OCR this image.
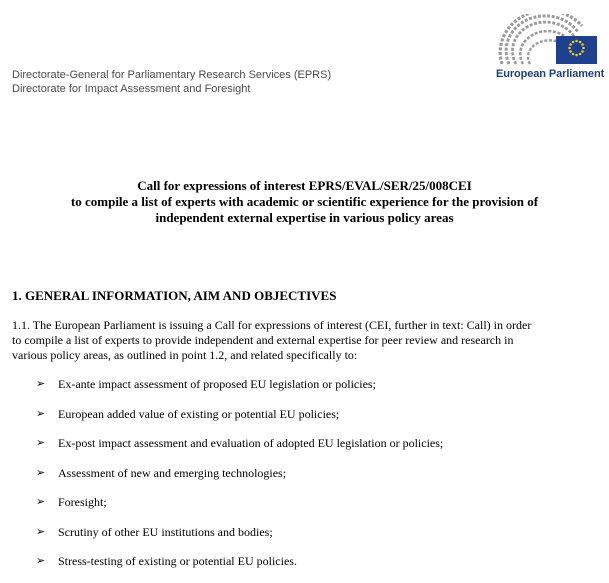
Directorate-General for Parliamentary Research Services (EPRS)
Directorate for Impact Assessment and Foresight
European Parliament
Call for expressions of interest EPRS/EVAL/SER/25/008CEI
to compile a list of experts with academic or scientific experience for the provision of
independent external expertise in various policy areas
1. GENERAL INFORMATION, AIM AND OBJECTIVES
1.1. The European Parliament is issuing a Call for expressions of interest (CEI, further in text: Call) in order
to compile a list of experts to provide independent and external expertise for peer review and research in
various policy areas, as outlined in point 1.2, and related specifically to:
➢	Ex-ante impact assessment of proposed EU legislation or policies;
➢	European added value of existing or potential EU policies;
➢	Ex-post impact assessment and evaluation of adopted EU legislation or policies;
➢	Assessment of new and emerging technologies;
➢	Foresight;
➢	Scrutiny of other EU institutions and bodies;
➢	Stress-testing of existing or potential EU policies.
